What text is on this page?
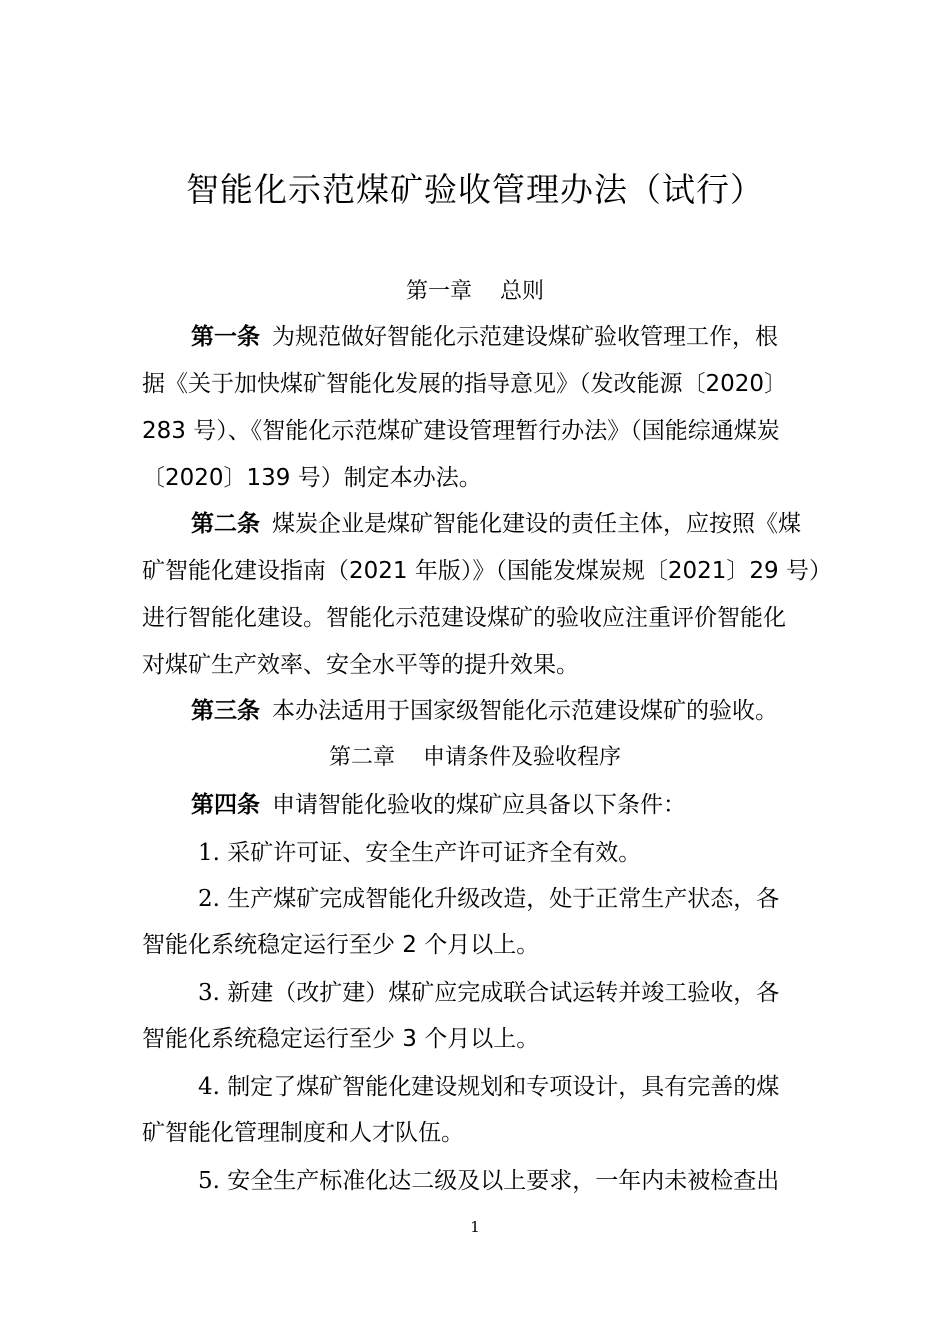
智能化示范煤矿验收管理办法（试行）
第一章 总则
第一条 为规范做好智能化示范建设煤矿验收管理工作，根
据《关于加快煤矿智能化发展的指导意见》（发改能源〔2020〕
283 号）、《智能化示范煤矿建设管理暂行办法》（国能综通煤炭
〔2020〕139 号）制定本办法。
第二条 煤炭企业是煤矿智能化建设的责任主体，应按照《煤
矿智能化建设指南（2021 年版）》（国能发煤炭规〔2021〕29 号）
进行智能化建设。智能化示范建设煤矿的验收应注重评价智能化
对煤矿生产效率、安全水平等的提升效果。
第三条 本办法适用于国家级智能化示范建设煤矿的验收。
第二章 申请条件及验收程序
第四条 申请智能化验收的煤矿应具备以下条件：
1. 采矿许可证、安全生产许可证齐全有效。
2. 生产煤矿完成智能化升级改造，处于正常生产状态，各
智能化系统稳定运行至少 2 个月以上。
3. 新建（改扩建）煤矿应完成联合试运转并竣工验收，各
智能化系统稳定运行至少 3 个月以上。
4. 制定了煤矿智能化建设规划和专项设计，具有完善的煤
矿智能化管理制度和人才队伍。
5. 安全生产标准化达二级及以上要求，一年内未被检查出
1
